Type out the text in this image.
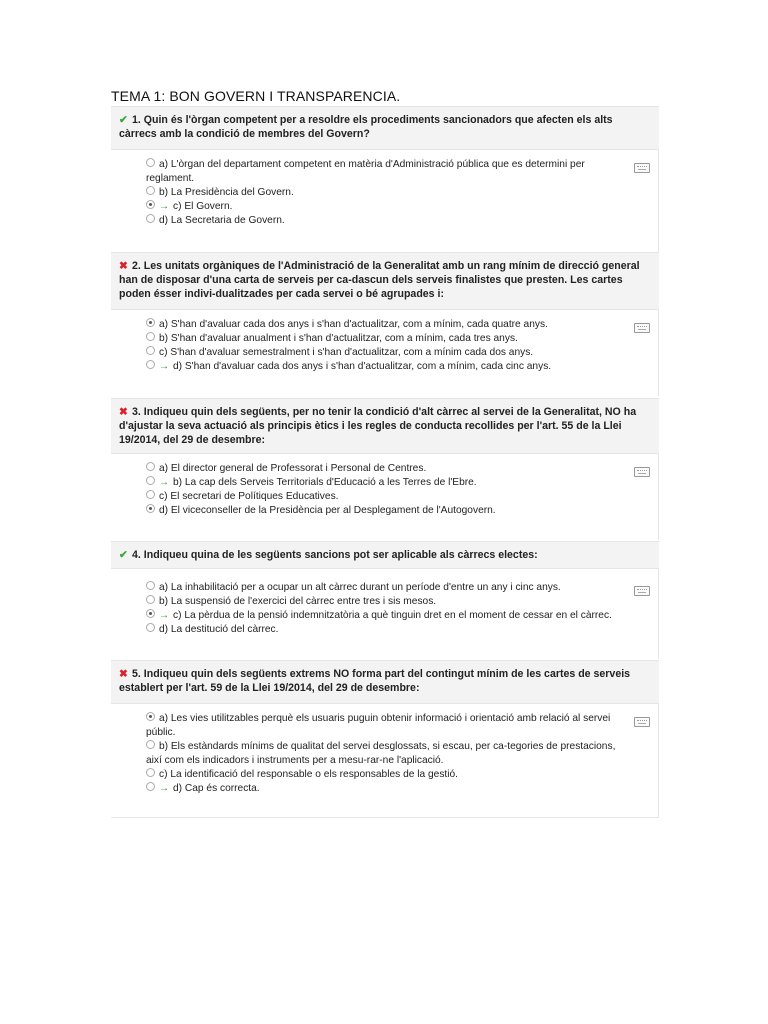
TEMA 1: BON GOVERN I TRANSPARENCIA.
✔ 1. Quin és l'òrgan competent per a resoldre els procediments sancionadors que afecten els alts càrrecs amb la condició de membres del Govern?
a) L'òrgan del departament competent en matèria d'Administració pública que es determini per reglament.
b) La Presidència del Govern.
→ c) El Govern.
d) La Secretaria de Govern.
✖ 2. Les unitats orgàniques de l'Administració de la Generalitat amb un rang mínim de direcció general han de disposar d'una carta de serveis per ca-dascun dels serveis finalistes que presten. Les cartes poden ésser indivi-dualitzades per cada servei o bé agrupades i:
a) S'han d'avaluar cada dos anys i s'han d'actualitzar, com a mínim, cada quatre anys.
b) S'han d'avaluar anualment i s'han d'actualitzar, com a mínim, cada tres anys.
c) S'han d'avaluar semestralment i s'han d'actualitzar, com a mínim cada dos anys.
→ d) S'han d'avaluar cada dos anys i s'han d'actualitzar, com a mínim, cada cinc anys.
✖ 3. Indiqueu quin dels següents, per no tenir la condició d'alt càrrec al servei de la Generalitat, NO ha d'ajustar la seva actuació als principis ètics i les regles de conducta recollides per l'art. 55 de la Llei 19/2014, del 29 de desembre:
a) El director general de Professorat i Personal de Centres.
→ b) La cap dels Serveis Territorials d'Educació a les Terres de l'Ebre.
c) El secretari de Polítiques Educatives.
d) El viceconseller de la Presidència per al Desplegament de l'Autogovern.
✔ 4. Indiqueu quina de les següents sancions pot ser aplicable als càrrecs electes:
a) La inhabilitació per a ocupar un alt càrrec durant un període d'entre un any i cinc anys.
b) La suspensió de l'exercici del càrrec entre tres i sis mesos.
→ c) La pèrdua de la pensió indemnitzatòria a què tinguin dret en el moment de cessar en el càrrec.
d) La destitució del càrrec.
✖ 5. Indiqueu quin dels següents extrems NO forma part del contingut mínim de les cartes de serveis establert per l'art. 59 de la Llei 19/2014, del 29 de desembre:
a) Les vies utilitzables perquè els usuaris puguin obtenir informació i orientació amb relació al servei públic.
b) Els estàndards mínims de qualitat del servei desglossats, si escau, per ca-tegories de prestacions, així com els indicadors i instruments per a mesu-rar-ne l'aplicació.
c) La identificació del responsable o els responsables de la gestió.
→ d) Cap és correcta.
